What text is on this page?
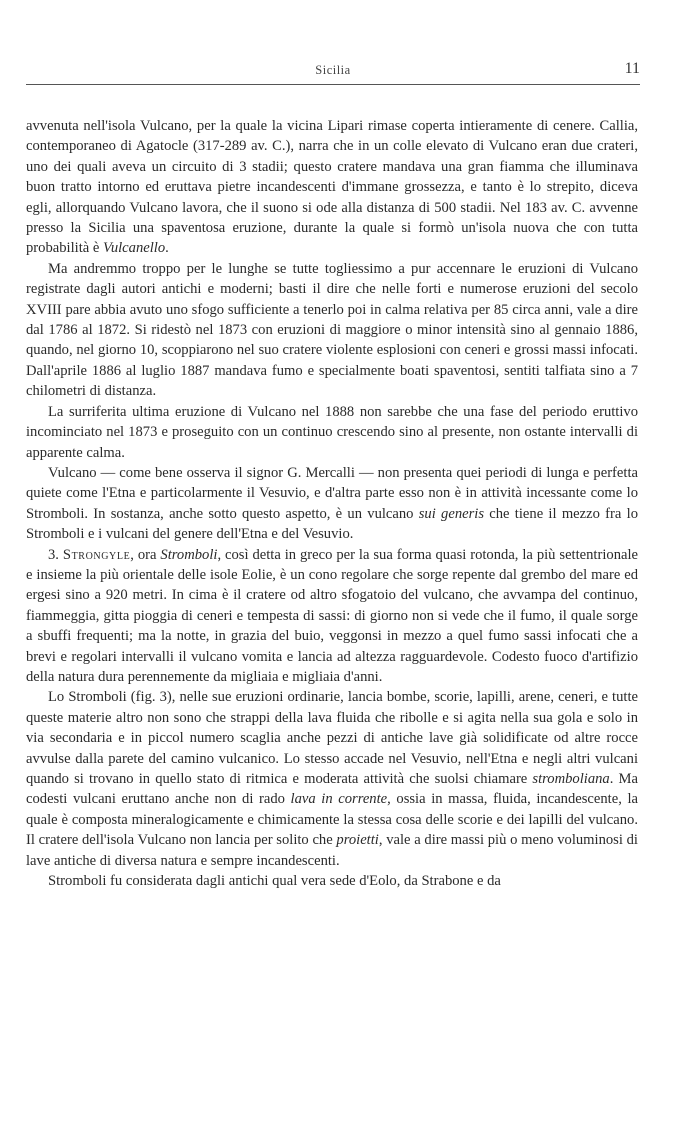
Sicilia	11

avvenuta nell'isola Vulcano, per la quale la vicina Lipari rimase coperta intieramente di cenere. Callia, contemporaneo di Agatocle (317-289 av. C.), narra che in un colle elevato di Vulcano eran due crateri, uno dei quali aveva un circuito di 3 stadii; questo cratere mandava una gran fiamma che illuminava buon tratto intorno ed eruttava pietre incandescenti d'immane grossezza, e tanto è lo strepito, diceva egli, allorquando Vulcano lavora, che il suono si ode alla distanza di 500 stadii. Nel 183 av. C. avvenne presso la Sicilia una spaventosa eruzione, durante la quale si formò un'isola nuova che con tutta probabilità è Vulcanello.

Ma andremmo troppo per le lunghe se tutte togliessimo a pur accennare le eruzioni di Vulcano registrate dagli autori antichi e moderni; basti il dire che nelle forti e numerose eruzioni del secolo XVIII pare abbia avuto uno sfogo sufficiente a tenerlo poi in calma relativa per 85 circa anni, vale a dire dal 1786 al 1872. Si ridestò nel 1873 con eruzioni di maggiore o minor intensità sino al gennaio 1886, quando, nel giorno 10, scoppiarono nel suo cratere violente esplosioni con ceneri e grossi massi infocati. Dall'aprile 1886 al luglio 1887 mandava fumo e specialmente boati spaventosi, sentiti talfiata sino a 7 chilometri di distanza.

La surriferita ultima eruzione di Vulcano nel 1888 non sarebbe che una fase del periodo eruttivo incominciato nel 1873 e proseguito con un continuo crescendo sino al presente, non ostante intervalli di apparente calma.

Vulcano — come bene osserva il signor G. Mercalli — non presenta quei periodi di lunga e perfetta quiete come l'Etna e particolarmente il Vesuvio, e d'altra parte esso non è in attività incessante come lo Stromboli. In sostanza, anche sotto questo aspetto, è un vulcano sui generis che tiene il mezzo fra lo Stromboli e i vulcani del genere dell'Etna e del Vesuvio.

3. Strongyle, ora Stromboli, così detta in greco per la sua forma quasi rotonda, la più settentrionale e insieme la più orientale delle isole Eolie, è un cono regolare che sorge repente dal grembo del mare ed ergesi sino a 920 metri. In cima è il cratere od altro sfogatoio del vulcano, che avvampa del continuo, fiammeggia, gitta pioggia di ceneri e tempesta di sassi: di giorno non si vede che il fumo, il quale sorge a sbuffi frequenti; ma la notte, in grazia del buio, veggonsi in mezzo a quel fumo sassi infocati che a brevi e regolari intervalli il vulcano vomita e lancia ad altezza ragguardevole. Codesto fuoco d'artifizio della natura dura perennemente da migliaia e migliaia d'anni.

Lo Stromboli (fig. 3), nelle sue eruzioni ordinarie, lancia bombe, scorie, lapilli, arene, ceneri, e tutte queste materie altro non sono che strappi della lava fluida che ribolle e si agita nella sua gola e solo in via secondaria e in piccol numero scaglia anche pezzi di antiche lave già solidificate od altre rocce avvulse dalla parete del camino vulcanico. Lo stesso accade nel Vesuvio, nell'Etna e negli altri vulcani quando si trovano in quello stato di ritmica e moderata attività che suolsi chiamare stromboliana. Ma codesti vulcani eruttano anche non di rado lava in corrente, ossia in massa, fluida, incandescente, la quale è composta mineralogicamente e chimicamente la stessa cosa delle scorie e dei lapilli del vulcano. Il cratere dell'isola Vulcano non lancia per solito che proietti, vale a dire massi più o meno voluminosi di lave antiche di diversa natura e sempre incandescenti.

Stromboli fu considerata dagli antichi qual vera sede d'Eolo, da Strabone e da
